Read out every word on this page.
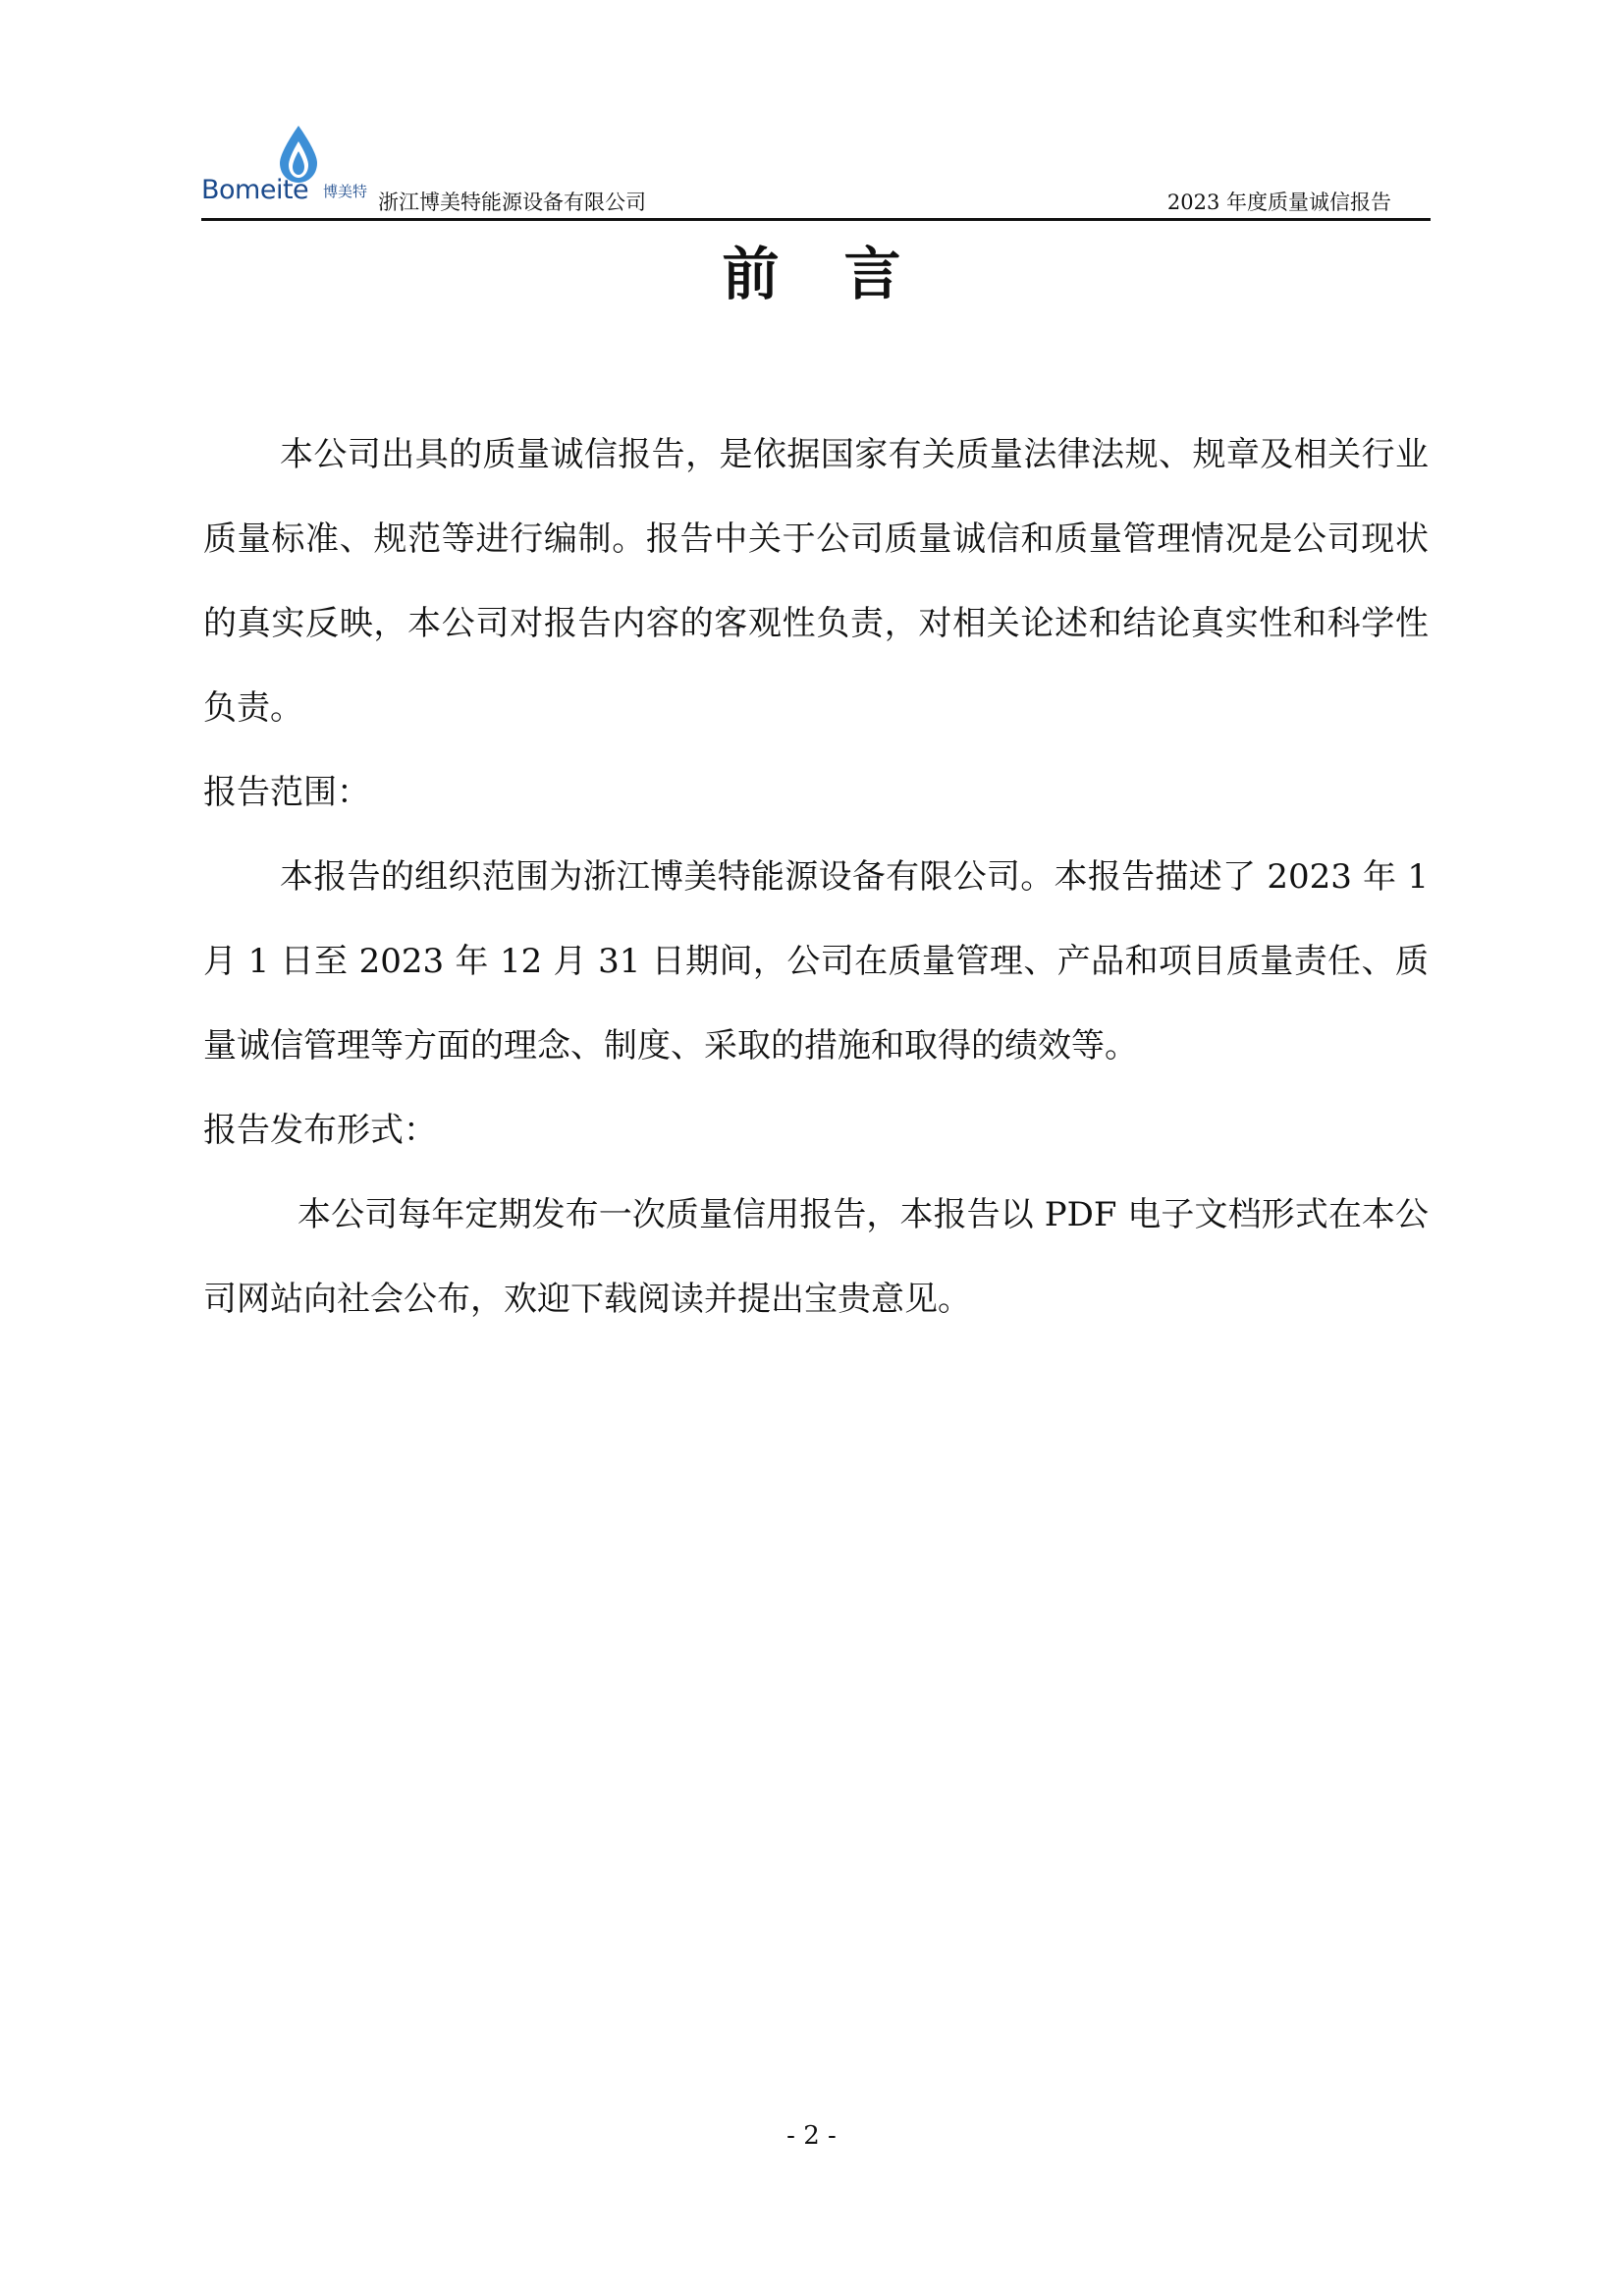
Bomeite 博美特 浙江博美特能源设备有限公司	2023 年度质量诚信报告
前言

本公司出具的质量诚信报告，是依据国家有关质量法律法规、规章及相关行业质量标准、规范等进行编制。报告中关于公司质量诚信和质量管理情况是公司现状的真实反映，本公司对报告内容的客观性负责，对相关论述和结论真实性和科学性负责。

报告范围：

本报告的组织范围为浙江博美特能源设备有限公司。本报告描述了 2023 年 1 月 1 日至 2023 年 12 月 31 日期间，公司在质量管理、产品和项目质量责任、质量诚信管理等方面的理念、制度、采取的措施和取得的绩效等。

报告发布形式：

本公司每年定期发布一次质量信用报告，本报告以 PDF 电子文档形式在本公司网站向社会公布，欢迎下载阅读并提出宝贵意见。

- 2 -
